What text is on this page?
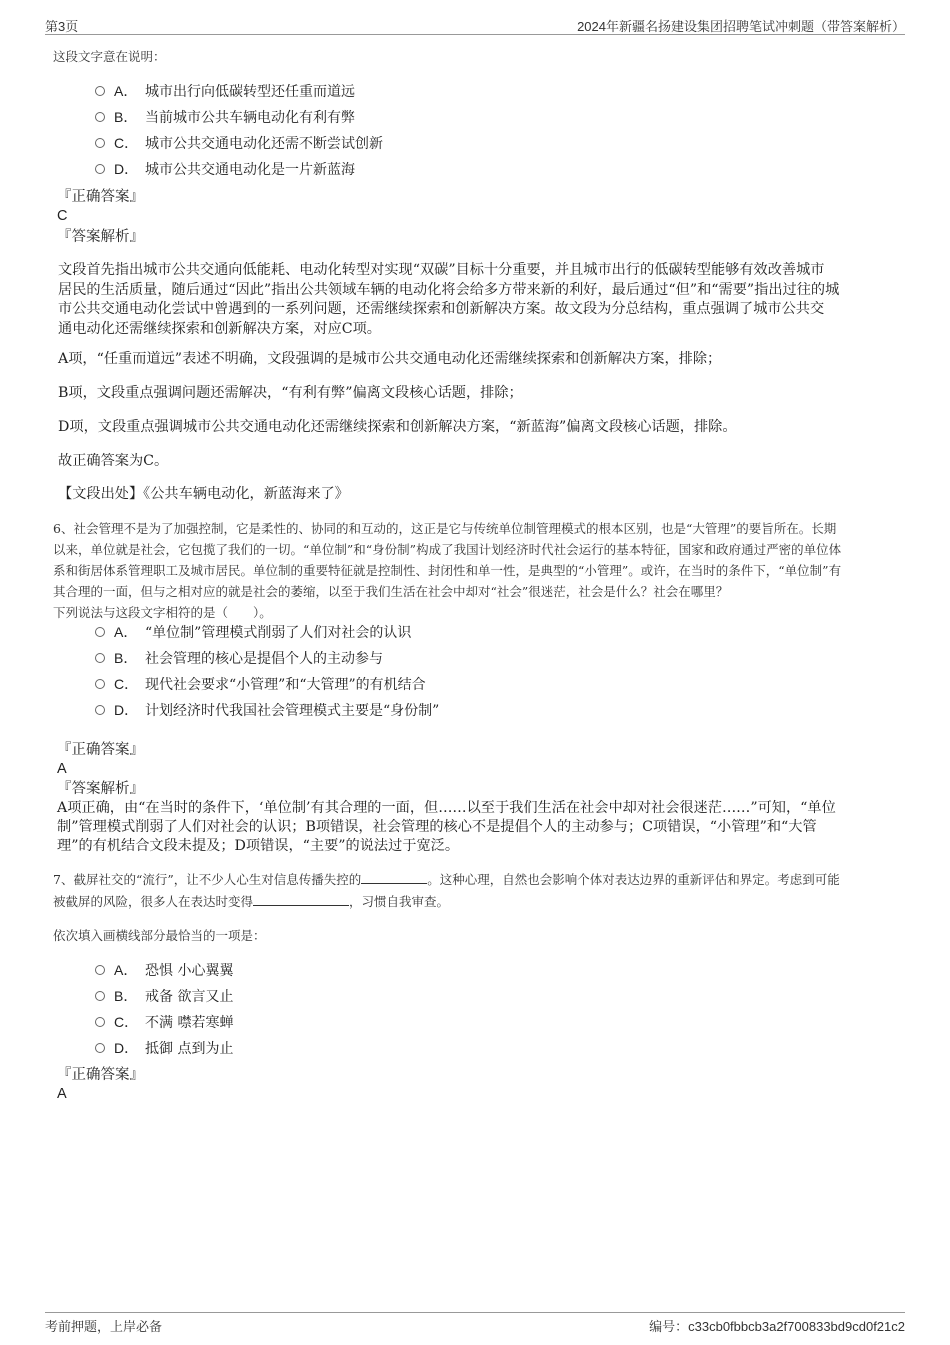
第3页	2024年新疆名扬建设集团招聘笔试冲刺题（带答案解析）
这段文字意在说明：
A． 城市出行向低碳转型还任重而道远
B． 当前城市公共车辆电动化有利有弊
C． 城市公共交通电动化还需不断尝试创新
D． 城市公共交通电动化是一片新蓝海
『正确答案』
C
『答案解析』
文段首先指出城市公共交通向低能耗、电动化转型对实现“双碳”目标十分重要，并且城市出行的低碳转型能够有效改善城市
居民的生活质量，随后通过“因此”指出公共领域车辆的电动化将会给多方带来新的利好，最后通过“但”和“需要”指出过往的城
市公共交通电动化尝试中曾遇到的一系列问题，还需继续探索和创新解决方案。故文段为分总结构，重点强调了城市公共交
通电动化还需继续探索和创新解决方案，对应C项。
A项，“任重而道远”表述不明确，文段强调的是城市公共交通电动化还需继续探索和创新解决方案，排除；
B项，文段重点强调问题还需解决，“有利有弊”偏离文段核心话题，排除；
D项，文段重点强调城市公共交通电动化还需继续探索和创新解决方案，“新蓝海”偏离文段核心话题，排除。
故正确答案为C。
【文段出处】《公共车辆电动化，新蓝海来了》
6、社会管理不是为了加强控制，它是柔性的、协同的和互动的，这正是它与传统单位制管理模式的根本区别，也是“大管理”的要旨所在。长期
以来，单位就是社会，它包揽了我们的一切。“单位制”和“身份制”构成了我国计划经济时代社会运行的基本特征，国家和政府通过严密的单位体
系和街居体系管理职工及城市居民。单位制的重要特征就是控制性、封闭性和单一性，是典型的“小管理”。或许，在当时的条件下，“单位制”有
其合理的一面，但与之相对应的就是社会的萎缩，以至于我们生活在社会中却对“社会”很迷茫，社会是什么？社会在哪里？
下列说法与这段文字相符的是（　　）。
A． “单位制”管理模式削弱了人们对社会的认识
B． 社会管理的核心是提倡个人的主动参与
C． 现代社会要求“小管理”和“大管理”的有机结合
D． 计划经济时代我国社会管理模式主要是“身份制”
『正确答案』
A
『答案解析』
A项正确，由“在当时的条件下，‘单位制’有其合理的一面，但……以至于我们生活在社会中却对社会很迷茫……”可知，“单位
制”管理模式削弱了人们对社会的认识；B项错误，社会管理的核心不是提倡个人的主动参与；C项错误，“小管理”和“大管
理”的有机结合文段未提及；D项错误，“主要”的说法过于宽泛。
7、截屏社交的“流行”，让不少人心生对信息传播失控的	。这种心理，自然也会影响个体对表达边界的重新评估和界定。考虑到可能
被截屏的风险，很多人在表达时变得	，习惯自我审查。
依次填入画横线部分最恰当的一项是：
A． 恐惧 小心翼翼
B． 戒备 欲言又止
C． 不满 噤若寒蝉
D． 抵御 点到为止
『正确答案』
A
考前押题，上岸必备	编号：c33cb0fbbcb3a2f700833bd9cd0f21c2
